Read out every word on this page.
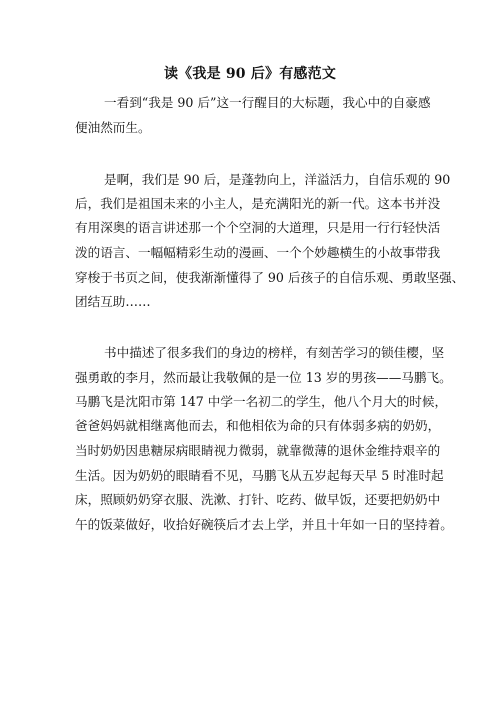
读《我是 90 后》有感范文
一看到“我是 90 后”这一行醒目的大标题，我心中的自豪感
便油然而生。
是啊，我们是 90 后，是蓬勃向上，洋溢活力，自信乐观的 90
后，我们是祖国未来的小主人，是充满阳光的新一代。这本书并没
有用深奥的语言讲述那一个个空洞的大道理，只是用一行行轻快活
泼的语言、一幅幅精彩生动的漫画、一个个妙趣横生的小故事带我
穿梭于书页之间，使我渐渐懂得了 90 后孩子的自信乐观、勇敢坚强、
团结互助……
书中描述了很多我们的身边的榜样，有刻苦学习的锁佳樱，坚
强勇敢的李月，然而最让我敬佩的是一位 13 岁的男孩——马鹏飞。
马鹏飞是沈阳市第 147 中学一名初二的学生，他八个月大的时候，
爸爸妈妈就相继离他而去，和他相依为命的只有体弱多病的奶奶，
当时奶奶因患糖尿病眼睛视力微弱，就靠微薄的退休金维持艰辛的
生活。因为奶奶的眼睛看不见，马鹏飞从五岁起每天早 5 时准时起
床，照顾奶奶穿衣服、洗漱、打针、吃药、做早饭，还要把奶奶中
午的饭菜做好，收拾好碗筷后才去上学，并且十年如一日的坚持着。
